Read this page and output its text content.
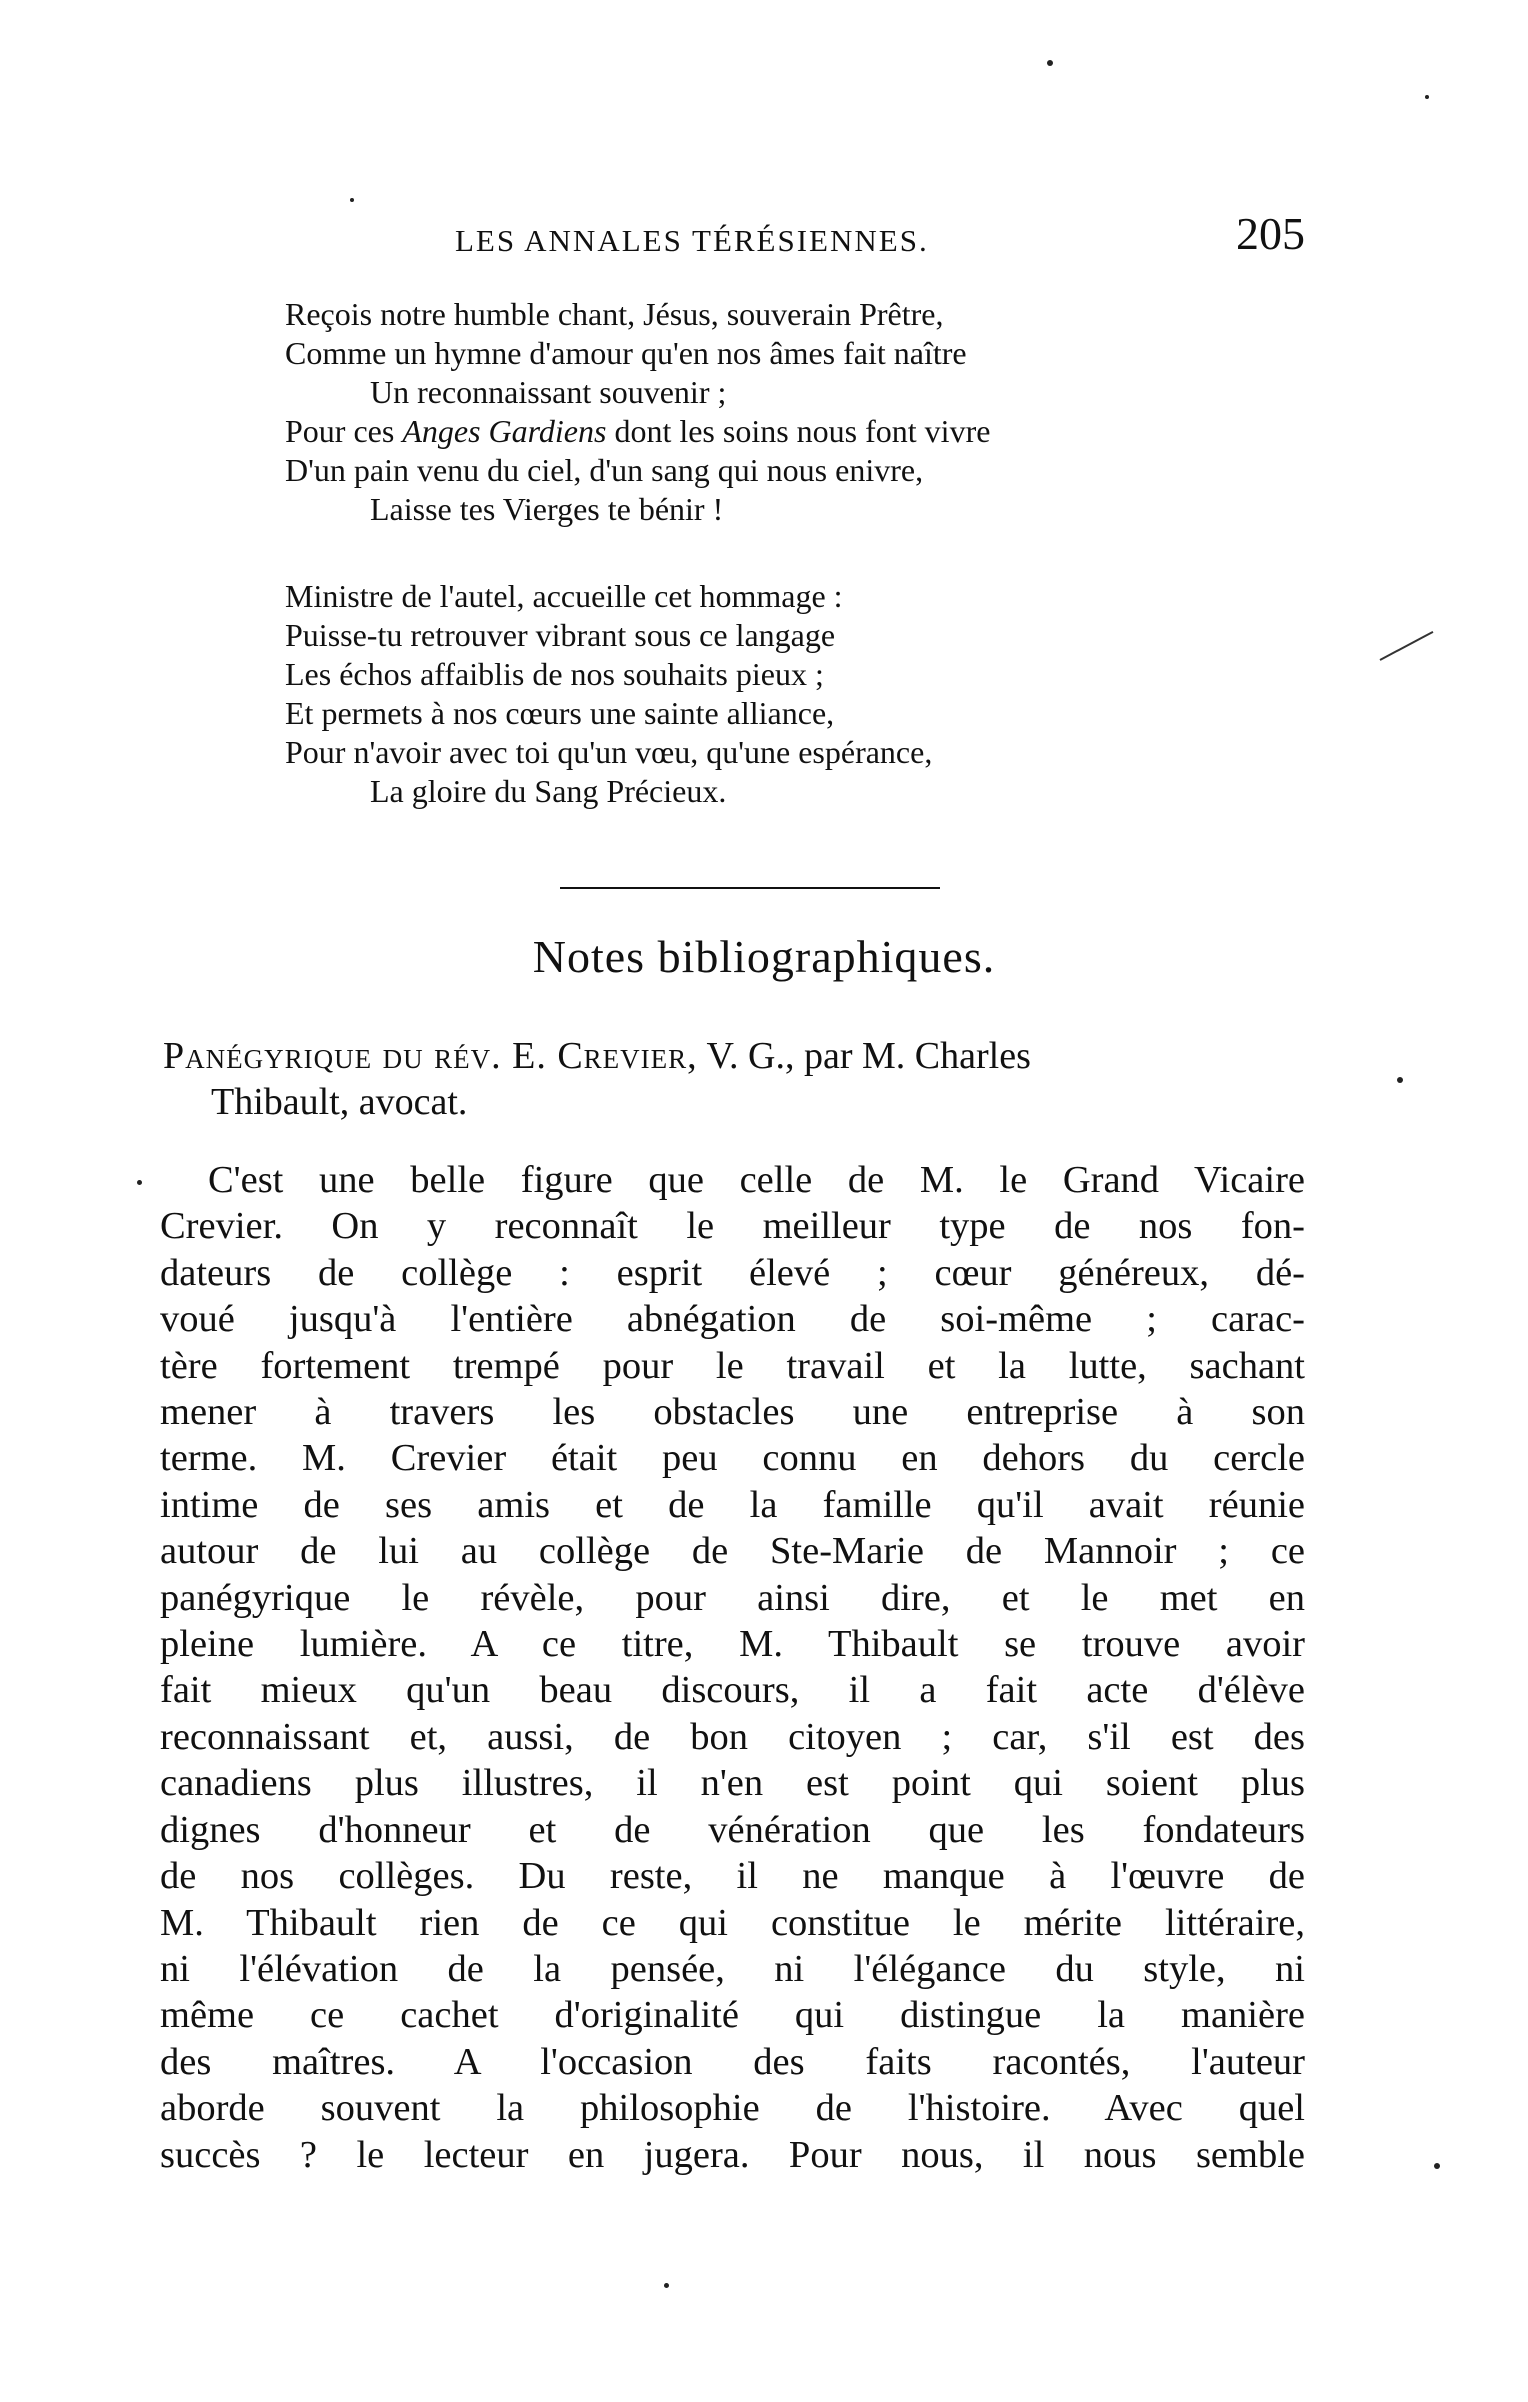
LES ANNALES TÉRÉSIENNES.	205
Reçois notre humble chant, Jésus, souverain Prêtre,
Comme un hymne d'amour qu'en nos âmes fait naître
Un reconnaissant souvenir ;
Pour ces Anges Gardiens dont les soins nous font vivre
D'un pain venu du ciel, d'un sang qui nous enivre,
Laisse tes Vierges te bénir !
Ministre de l'autel, accueille cet hommage :
Puisse-tu retrouver vibrant sous ce langage
Les échos affaiblis de nos souhaits pieux ;
Et permets à nos cœurs une sainte alliance,
Pour n'avoir avec toi qu'un vœu, qu'une espérance,
La gloire du Sang Précieux.
Notes bibliographiques.
Panégyrique du rév. E. Crevier, V. G., par M. Charles
Thibault, avocat.
C'est une belle figure que celle de M. le Grand Vicaire
Crevier. On y reconnaît le meilleur type de nos fon-
dateurs de collège : esprit élevé ; cœur généreux, dé-
voué jusqu'à l'entière abnégation de soi-même ; carac-
tère fortement trempé pour le travail et la lutte, sachant
mener à travers les obstacles une entreprise à son
terme. M. Crevier était peu connu en dehors du cercle
intime de ses amis et de la famille qu'il avait réunie
autour de lui au collège de Ste-Marie de Mannoir ; ce
panégyrique le révèle, pour ainsi dire, et le met en
pleine lumière. A ce titre, M. Thibault se trouve avoir
fait mieux qu'un beau discours, il a fait acte d'élève
reconnaissant et, aussi, de bon citoyen ; car, s'il est des
canadiens plus illustres, il n'en est point qui soient plus
dignes d'honneur et de vénération que les fondateurs
de nos collèges. Du reste, il ne manque à l'œuvre de
M. Thibault rien de ce qui constitue le mérite littéraire,
ni l'élévation de la pensée, ni l'élégance du style, ni
même ce cachet d'originalité qui distingue la manière
des maîtres. A l'occasion des faits racontés, l'auteur
aborde souvent la philosophie de l'histoire. Avec quel
succès ? le lecteur en jugera. Pour nous, il nous semble
